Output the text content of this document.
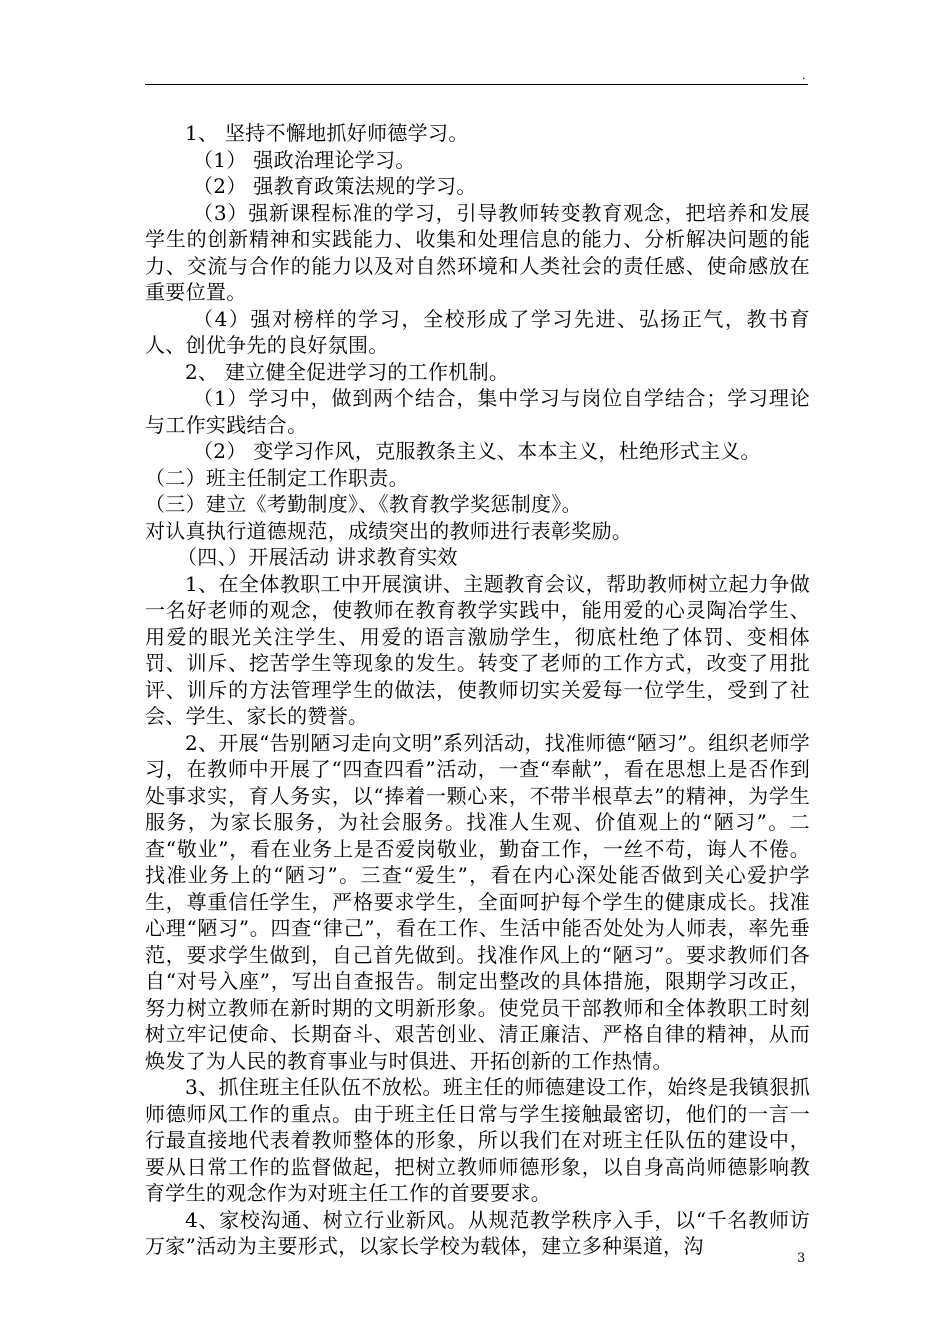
.

1、 坚持不懈地抓好师德学习。

（1） 强政治理论学习。

（2） 强教育政策法规的学习。

（3）强新课程标准的学习，引导教师转变教育观念，把培养和发展学生的创新精神和实践能力、收集和处理信息的能力、分析解决问题的能力、交流与合作的能力以及对自然环境和人类社会的责任感、使命感放在重要位置。

（4）强对榜样的学习，全校形成了学习先进、弘扬正气，教书育人、创优争先的良好氛围。

2、 建立健全促进学习的工作机制。

（1）学习中，做到两个结合，集中学习与岗位自学结合；学习理论与工作实践结合。

（2） 变学习作风，克服教条主义、本本主义，杜绝形式主义。

（二）班主任制定工作职责。

（三）建立《考勤制度》、《教育教学奖惩制度》。

对认真执行道德规范，成绩突出的教师进行表彰奖励。

（四、）开展活动 讲求教育实效

1、在全体教职工中开展演讲、主题教育会议，帮助教师树立起力争做一名好老师的观念，使教师在教育教学实践中，能用爱的心灵陶冶学生、用爱的眼光关注学生、用爱的语言激励学生，彻底杜绝了体罚、变相体罚、训斥、挖苦学生等现象的发生。转变了老师的工作方式，改变了用批评、训斥的方法管理学生的做法，使教师切实关爱每一位学生，受到了社会、学生、家长的赞誉。

2、开展“告别陋习走向文明”系列活动，找准师德“陋习”。组织老师学习，在教师中开展了“四查四看”活动，一查“奉献”，看在思想上是否作到处事求实，育人务实，以“捧着一颗心来，不带半根草去”的精神，为学生服务，为家长服务，为社会服务。找准人生观、价值观上的“陋习”。二查“敬业”，看在业务上是否爱岗敬业，勤奋工作，一丝不苟，诲人不倦。找准业务上的“陋习”。三查“爱生”，看在内心深处能否做到关心爱护学生，尊重信任学生，严格要求学生，全面呵护每个学生的健康成长。找准心理“陋习”。四查“律己”，看在工作、生活中能否处处为人师表，率先垂范，要求学生做到，自己首先做到。找准作风上的“陋习”。要求教师们各自“对号入座”，写出自查报告。制定出整改的具体措施，限期学习改正，努力树立教师在新时期的文明新形象。使党员干部教师和全体教职工时刻树立牢记使命、长期奋斗、艰苦创业、清正廉洁、严格自律的精神，从而焕发了为人民的教育事业与时俱进、开拓创新的工作热情。

3、抓住班主任队伍不放松。班主任的师德建设工作，始终是我镇狠抓师德师风工作的重点。由于班主任日常与学生接触最密切，他们的一言一行最直接地代表着教师整体的形象，所以我们在对班主任队伍的建设中，要从日常工作的监督做起，把树立教师师德形象，以自身高尚师德影响教育学生的观念作为对班主任工作的首要要求。

4、家校沟通、树立行业新风。从规范教学秩序入手，以“千名教师访万家”活动为主要形式，以家长学校为载体，建立多种渠道，沟

3
